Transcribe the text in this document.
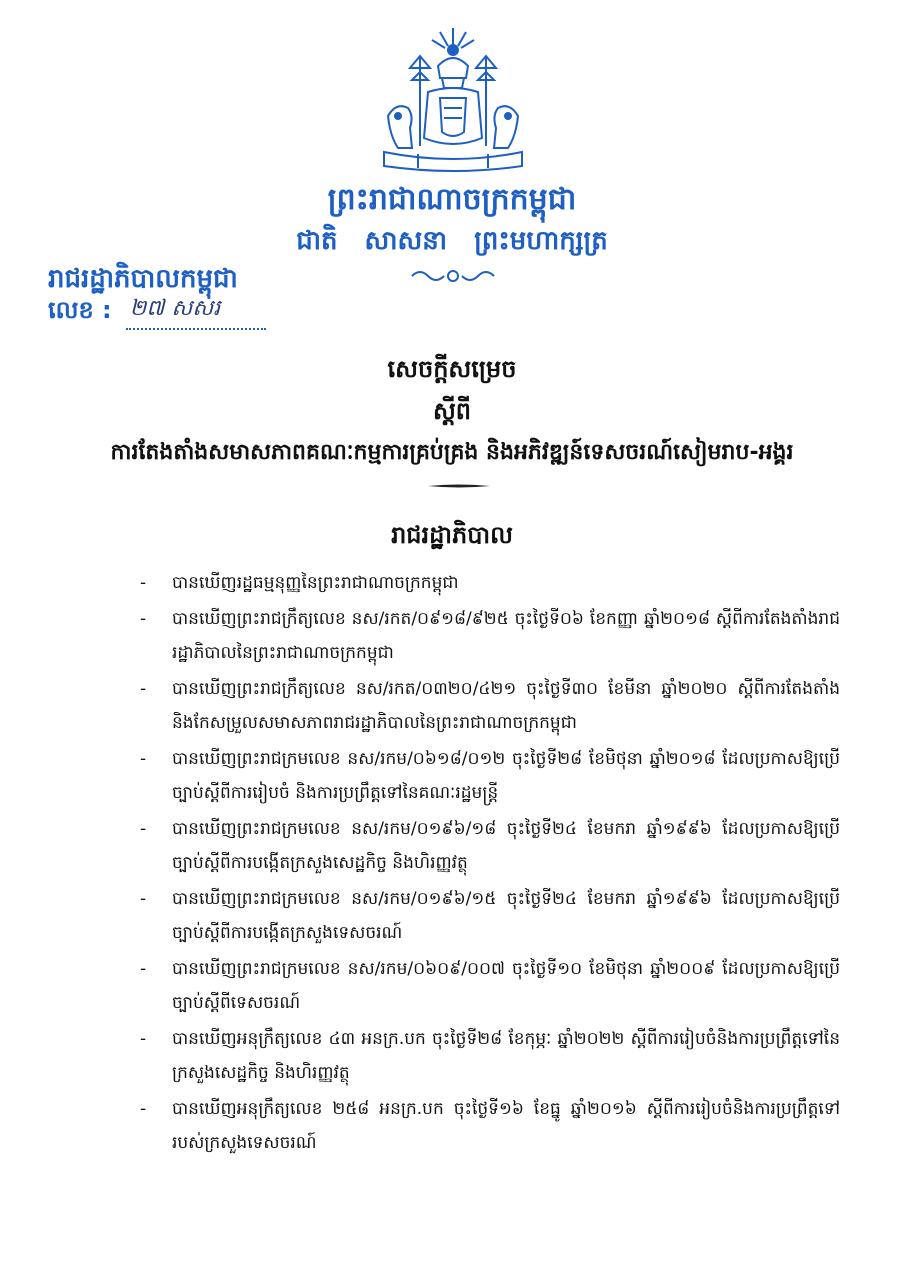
ព្រះរាជាណាចក្រកម្ពុជា
ជាតិ សាសនា ព្រះមហាក្សត្រ
រាជរដ្ឋាភិបាលកម្ពុជា
លេខ : ២៧ សសរ
សេចក្តីសម្រេច
ស្តីពី
ការតែងតាំងសមាសភាពគណៈកម្មការគ្រប់គ្រង និងអភិវឌ្ឍន៍ទេសចរណ៍សៀមរាប-អង្គរ
រាជរដ្ឋាភិបាល
-	បានឃើញរដ្ឋធម្មនុញ្ញនៃព្រះរាជាណាចក្រកម្ពុជា
-	បានឃើញព្រះរាជក្រឹត្យលេខ នស/រកត/០៩១៨/៩២៥ ចុះថ្ងៃទី០៦ ខែកញ្ញា ឆ្នាំ២០១៨ ស្តីពីការតែងតាំងរាជរដ្ឋាភិបាលនៃព្រះរាជាណាចក្រកម្ពុជា
-	បានឃើញព្រះរាជក្រឹត្យលេខ នស/រកត/០៣២០/៤២១ ចុះថ្ងៃទី៣០ ខែមីនា ឆ្នាំ២០២០ ស្តីពីការតែងតាំង និងកែសម្រួលសមាសភាពរាជរដ្ឋាភិបាលនៃព្រះរាជាណាចក្រកម្ពុជា
-	បានឃើញព្រះរាជក្រមលេខ នស/រកម/០៦១៨/០១២ ចុះថ្ងៃទី២៨ ខែមិថុនា ឆ្នាំ២០១៨ ដែលប្រកាសឱ្យប្រើច្បាប់ស្តីពីការរៀបចំ និងការប្រព្រឹត្តទៅនៃគណៈរដ្ឋមន្ត្រី
-	បានឃើញព្រះរាជក្រមលេខ នស/រកម/០១៩៦/១៨ ចុះថ្ងៃទី២៤ ខែមករា ឆ្នាំ១៩៩៦ ដែលប្រកាសឱ្យប្រើច្បាប់ស្តីពីការបង្កើតក្រសួងសេដ្ឋកិច្ច និងហិរញ្ញវត្ថុ
-	បានឃើញព្រះរាជក្រមលេខ នស/រកម/០១៩៦/១៥ ចុះថ្ងៃទី២៤ ខែមករា ឆ្នាំ១៩៩៦ ដែលប្រកាសឱ្យប្រើច្បាប់ស្តីពីការបង្កើតក្រសួងទេសចរណ៍
-	បានឃើញព្រះរាជក្រមលេខ នស/រកម/០៦០៩/០០៧ ចុះថ្ងៃទី១០ ខែមិថុនា ឆ្នាំ២០០៩ ដែលប្រកាសឱ្យប្រើច្បាប់ស្តីពីទេសចរណ៍
-	បានឃើញអនុក្រឹត្យលេខ ៤៣ អនក្រ.បក ចុះថ្ងៃទី២៨ ខែកុម្ភៈ ឆ្នាំ២០២២ ស្តីពីការរៀបចំនិងការប្រព្រឹត្តទៅនៃក្រសួងសេដ្ឋកិច្ច និងហិរញ្ញវត្ថុ
-	បានឃើញអនុក្រឹត្យលេខ ២៥៨ អនក្រ.បក ចុះថ្ងៃទី១៦ ខែធ្នូ ឆ្នាំ២០១៦ ស្តីពីការរៀបចំនិងការប្រព្រឹត្តទៅរបស់ក្រសួងទេសចរណ៍
